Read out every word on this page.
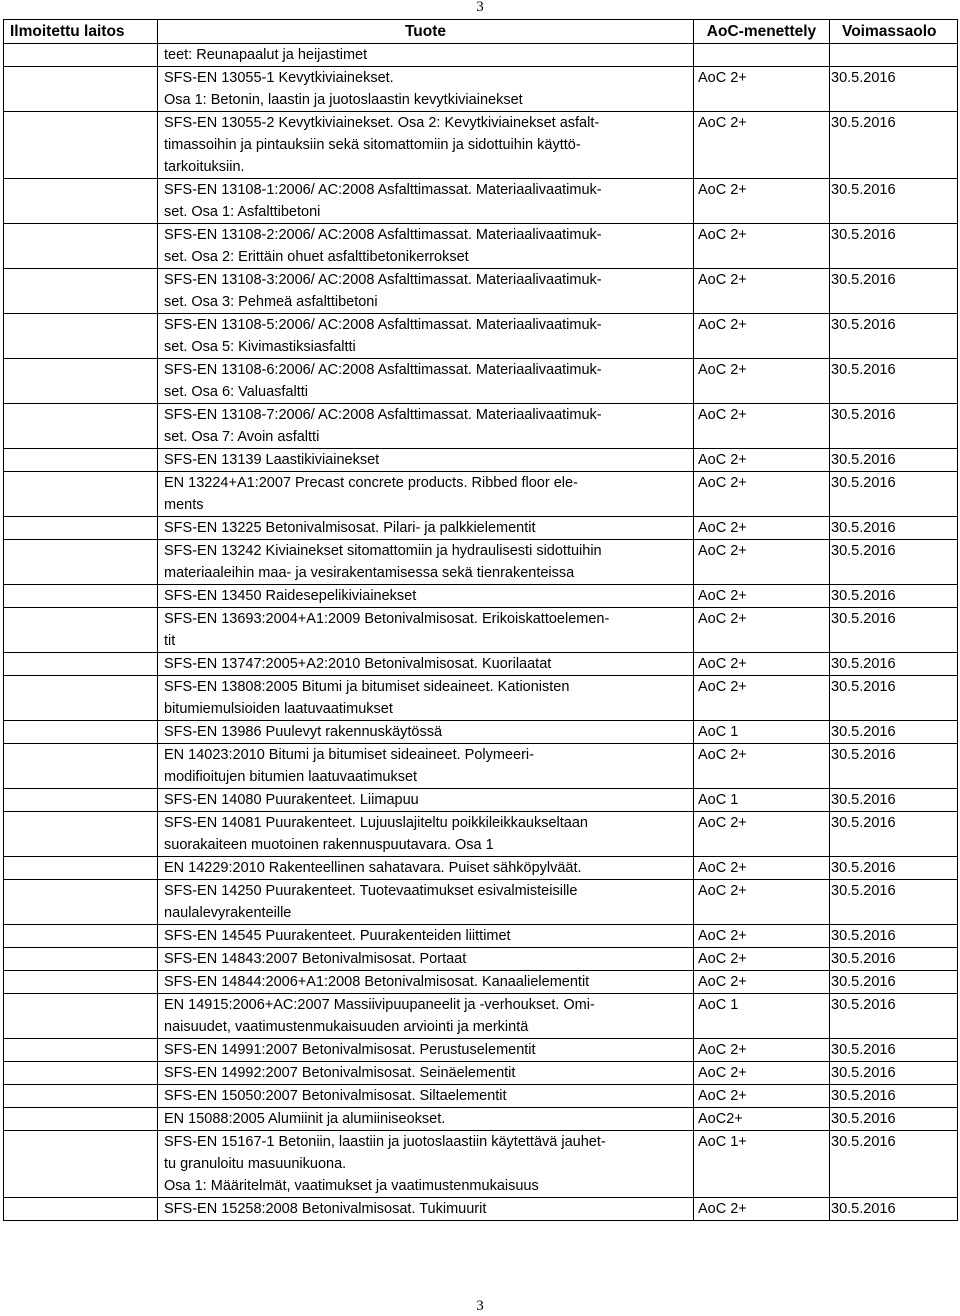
3
Ilmoitettu laitos	Tuote	AoC-menettely	Voimassaolo

	teet: Reunapaalut ja heijastimet		

	SFS-EN 13055-1 Kevytkiviainekset.
Osa 1: Betonin, laastin ja juotoslaastin kevytkiviainekset	AoC 2+	30.5.2016

	SFS-EN 13055-2 Kevytkiviainekset. Osa 2: Kevytkiviainekset asfalt-
timassoihin ja pintauksiin sekä sitomattomiin ja sidottuihin käyttö-
tarkoituksiin.	AoC 2+	30.5.2016

	SFS-EN 13108-1:2006/ AC:2008 Asfalttimassat. Materiaalivaatimuk-
set. Osa 1: Asfalttibetoni	AoC 2+	30.5.2016

	SFS-EN 13108-2:2006/ AC:2008 Asfalttimassat. Materiaalivaatimuk-
set. Osa 2: Erittäin ohuet asfalttibetonikerrokset	AoC 2+	30.5.2016

	SFS-EN 13108-3:2006/ AC:2008 Asfalttimassat. Materiaalivaatimuk-
set. Osa 3: Pehmeä asfalttibetoni	AoC 2+	30.5.2016

	SFS-EN 13108-5:2006/ AC:2008 Asfalttimassat. Materiaalivaatimuk-
set. Osa 5: Kivimastiksiasfaltti	AoC 2+	30.5.2016

	SFS-EN 13108-6:2006/ AC:2008 Asfalttimassat. Materiaalivaatimuk-
set. Osa 6: Valuasfaltti	AoC 2+	30.5.2016

	SFS-EN 13108-7:2006/ AC:2008 Asfalttimassat. Materiaalivaatimuk-
set. Osa 7: Avoin asfaltti	AoC 2+	30.5.2016

	SFS-EN 13139 Laastikiviainekset	AoC 2+	30.5.2016

	EN 13224+A1:2007 Precast concrete products. Ribbed floor ele-
ments	AoC 2+	30.5.2016

	SFS-EN 13225 Betonivalmisosat. Pilari- ja palkkielementit	AoC 2+	30.5.2016

	SFS-EN 13242 Kiviainekset sitomattomiin ja hydraulisesti sidottuihin
materiaaleihin maa- ja vesirakentamisessa sekä tienrakenteissa	AoC 2+	30.5.2016

	SFS-EN 13450 Raidesepelikiviainekset	AoC 2+	30.5.2016

	SFS-EN 13693:2004+A1:2009 Betonivalmisosat. Erikoiskattoelemen-
tit	AoC 2+	30.5.2016

	SFS-EN 13747:2005+A2:2010 Betonivalmisosat. Kuorilaatat	AoC 2+	30.5.2016

	SFS-EN 13808:2005 Bitumi ja bitumiset sideaineet. Kationisten
bitumiemulsioiden laatuvaatimukset	AoC 2+	30.5.2016

	SFS-EN 13986 Puulevyt rakennuskäytössä	AoC 1	30.5.2016

	EN 14023:2010 Bitumi ja bitumiset sideaineet. Polymeeri-
modifioitujen bitumien laatuvaatimukset	AoC 2+	30.5.2016

	SFS-EN 14080 Puurakenteet. Liimapuu	AoC 1	30.5.2016

	SFS-EN 14081 Puurakenteet. Lujuuslajiteltu poikkileikkaukseltaan
suorakaiteen muotoinen rakennuspuutavara. Osa 1	AoC 2+	30.5.2016

	EN 14229:2010 Rakenteellinen sahatavara. Puiset sähköpylväät.	AoC 2+	30.5.2016

	SFS-EN 14250 Puurakenteet. Tuotevaatimukset esivalmisteisille
naulalevyrakenteille	AoC 2+	30.5.2016

	SFS-EN 14545 Puurakenteet. Puurakenteiden liittimet	AoC 2+	30.5.2016

	SFS-EN 14843:2007 Betonivalmisosat. Portaat	AoC 2+	30.5.2016

	SFS-EN 14844:2006+A1:2008 Betonivalmisosat. Kanaalielementit	AoC 2+	30.5.2016

	EN 14915:2006+AC:2007 Massiivipuupaneelit ja -verhoukset. Omi-
naisuudet, vaatimustenmukaisuuden arviointi ja merkintä	AoC 1	30.5.2016

	SFS-EN 14991:2007 Betonivalmisosat. Perustuselementit	AoC 2+	30.5.2016

	SFS-EN 14992:2007 Betonivalmisosat. Seinäelementit	AoC 2+	30.5.2016

	SFS-EN 15050:2007 Betonivalmisosat. Siltaelementit	AoC 2+	30.5.2016

	EN 15088:2005 Alumiinit ja alumiiniseokset.	AoC2+	30.5.2016

	SFS-EN 15167-1 Betoniin, laastiin ja juotoslaastiin käytettävä jauhet-
tu granuloitu masuunikuona.
Osa 1: Määritelmät, vaatimukset ja vaatimustenmukaisuus	AoC 1+	30.5.2016

	SFS-EN 15258:2008 Betonivalmisosat. Tukimuurit	AoC 2+	30.5.2016
3
